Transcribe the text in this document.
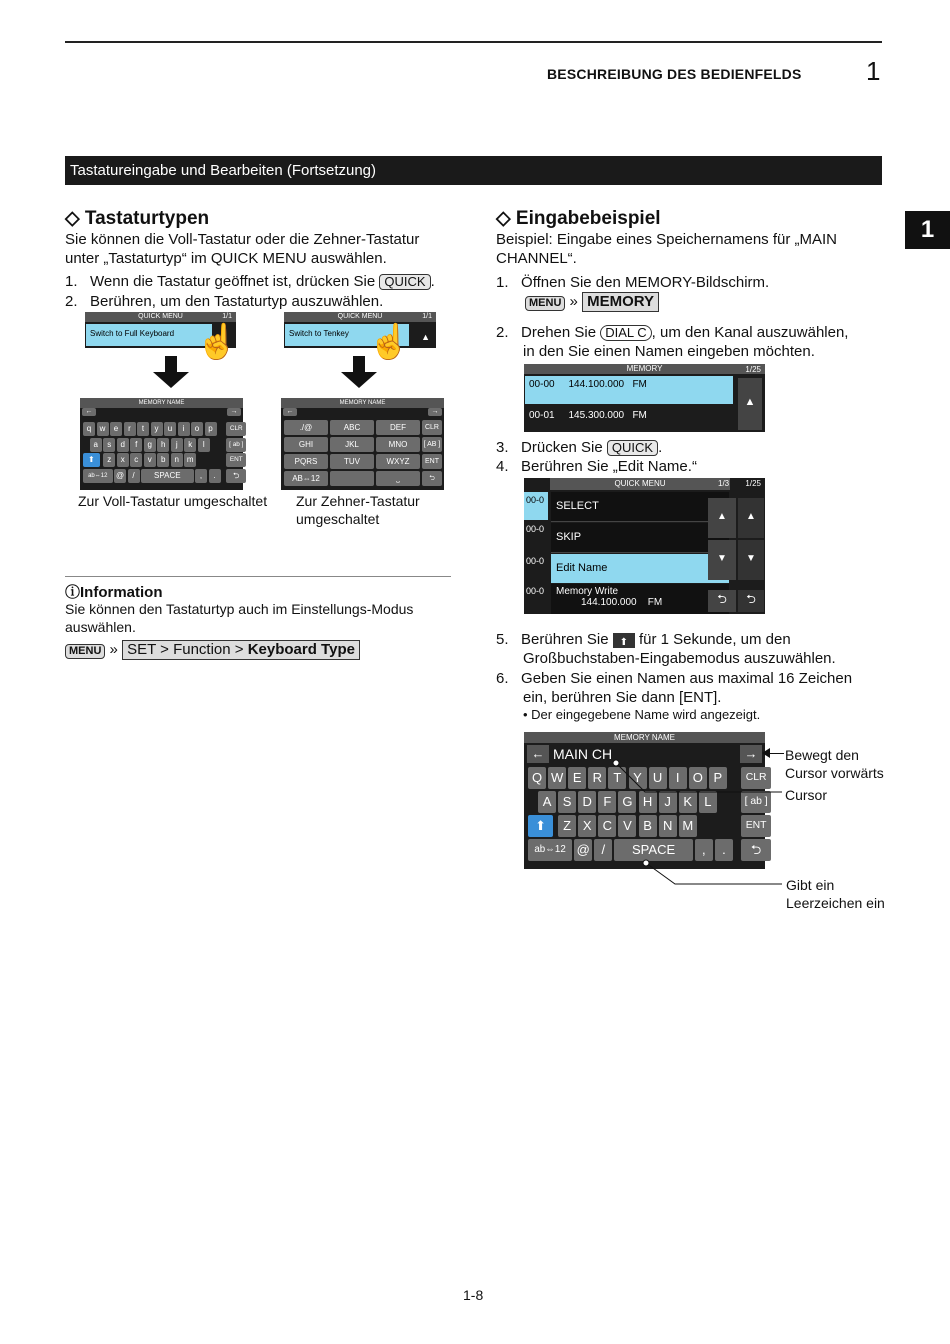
BESCHREIBUNG DES BEDIENFELDS 1
Tastatureingabe und Bearbeiten (Fortsetzung)
1
◇ Tastaturtypen
Sie können die Voll-Tastatur oder die Zehner-Tastatur
unter „Tastaturtyp“ im QUICK MENU auswählen.
1. Wenn die Tastatur geöffnet ist, drücken Sie QUICK .
2. Berühren, um den Tastaturtyp auszuwählen.
QUICK MENU	1/1
Switch to Full Keyboard ☝
QUICK MENU	1/1
Switch to Tenkey	▲
☝
MEMORY NAME
←	→
q	w	e	r	t	y	u	i	o	p
a	s	d	f	g	h	j	k	l
z	x	c	v	b	n m
⬆
CLR
[ ab ]
ENT
⮌
ab⇔12	@	/	SPACE	,	.
MEMORY NAME
←	→
./@	ABC	DEF
GHI	JKL	MNO
PQRS	TUV	WXYZ
AB⇔12	⎵
CLR
[ AB ]
ENT
⮌
Zur Voll-Tastatur umgeschaltet Zur Zehner-Tastatur
umgeschaltet
ⓘInformation
Sie können den Tastaturtyp auch im Einstellungs-Modus
auswählen.
MENU » SET > Function > Keyboard Type
◇ Eingabebeispiel
Beispiel: Eingabe eines Speichernamens für „MAIN
CHANNEL“.
1. Öffnen Sie den MEMORY-Bildschirm.
MENU » MEMORY
2. Drehen Sie DIAL C , um den Kanal auszuwählen,
in den Sie einen Namen eingeben möchten.
MEMORY	1/25
00-00 144.100.000 FM
00-01 145.300.000 FM
▲
3. Drücken Sie QUICK .
4. Berühren Sie „Edit Name.“
QUICK MENU	1/3 1/25
00-0
00-0
00-0
00-0
SELECT
SKIP
Edit Name
Memory Write
144.100.000 FM
▲
▼
⮌
▲
▼
⮌
5. Berühren Sie ⬆ für 1 Sekunde, um den
Großbuchstaben-Eingabemodus auszuwählen.
6. Geben Sie einen Namen aus maximal 16 Zeichen
ein, berühren Sie dann [ENT].
• Der eingegebene Name wird angezeigt.
MEMORY NAME
← MAIN CH	→
Q W E R T Y U	I	O P
A S D F G H J K L
Z X C V B N M
⬆
CLR
[ ab ]
ENT
⮌
ab⇔12 @ /	SPACE	,	.
Bewegt den
Cursor vorwärts
Cursor
Gibt ein
Leerzeichen ein
1-8
